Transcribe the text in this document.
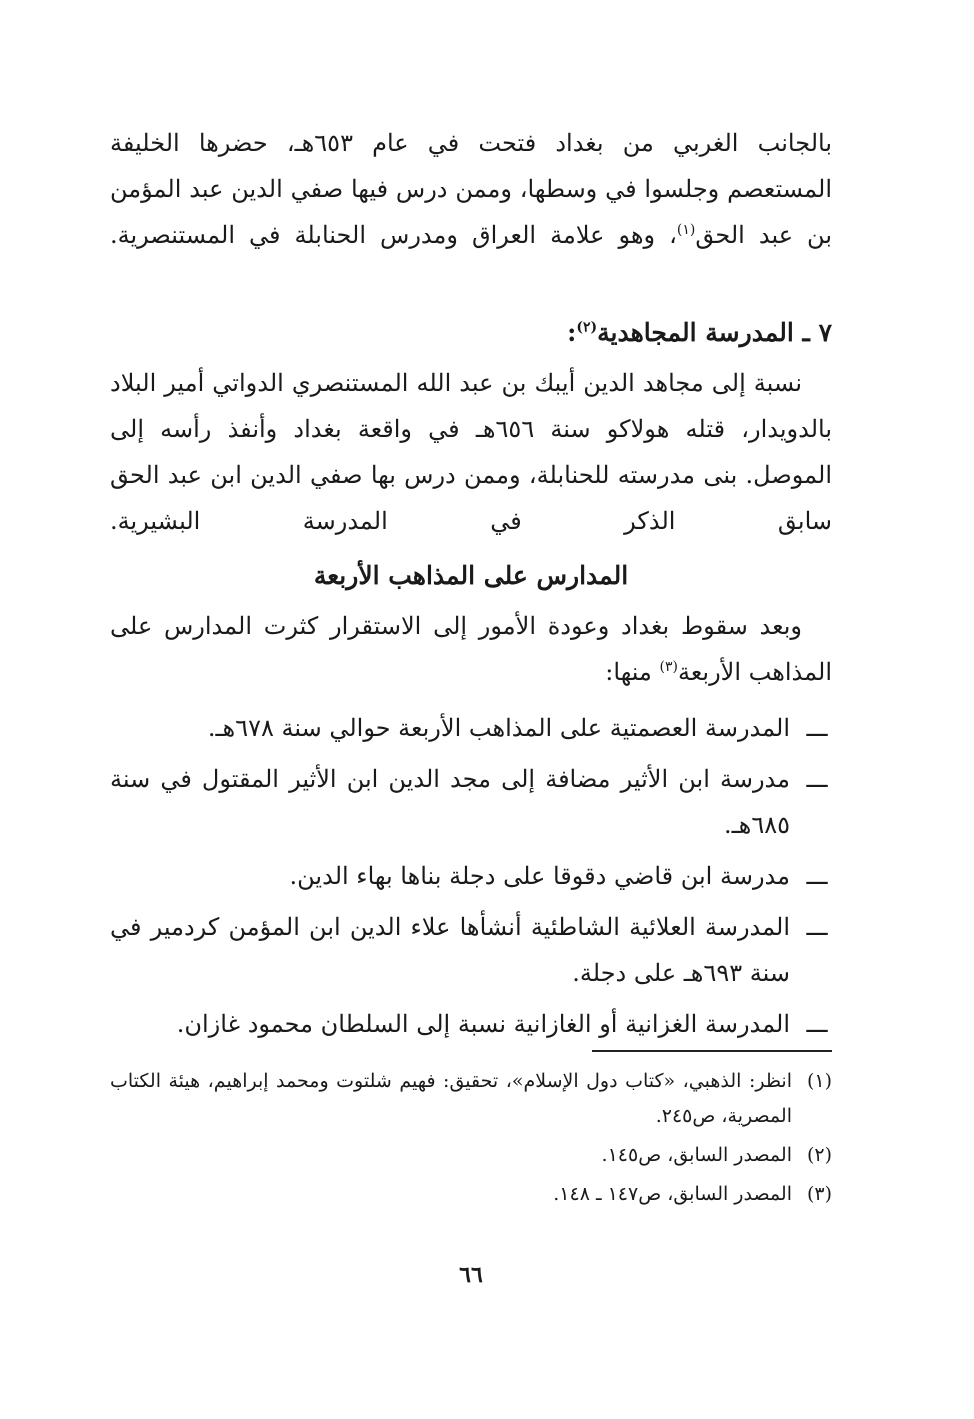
بالجانب الغربي من بغداد فتحت في عام ٦٥٣هـ، حضرها الخليفة المستعصم وجلسوا في وسطها، وممن درس فيها صفي الدين عبد المؤمن بن عبد الحق$^{(١)}$، وهو علامة العراق ومدرس الحنابلة في المستنصرية.

٧ ـ المدرسة المجاهدية$^{(٢)}$:

نسبة إلى مجاهد الدين أيبك بن عبد الله المستنصري الدواتي أمير البلاد بالدويدار، قتله هولاكو سنة ٦٥٦هـ في واقعة بغداد وأنفذ رأسه إلى الموصل. بنى مدرسته للحنابلة، وممن درس بها صفي الدين ابن عبد الحق سابق الذكر في المدرسة البشيرية.

المدارس على المذاهب الأربعة

وبعد سقوط بغداد وعودة الأمور إلى الاستقرار كثرت المدارس على المذاهب الأربعة$^{(٣)}$ منها:

ـــ
المدرسة العصمتية على المذاهب الأربعة حوالي سنة ٦٧٨هـ.
ـــ
مدرسة ابن الأثير مضافة إلى مجد الدين ابن الأثير المقتول في سنة ٦٨٥هـ.
ـــ
مدرسة ابن قاضي دقوقا على دجلة بناها بهاء الدين.
ـــ
المدرسة العلائية الشاطئية أنشأها علاء الدين ابن المؤمن كردمير في سنة ٦٩٣هـ على دجلة.
ـــ
المدرسة الغزانية أو الغازانية نسبة إلى السلطان محمود غازان.
(١)
انظر: الذهبي، «كتاب دول الإسلام»، تحقيق: فهيم شلتوت ومحمد إبراهيم، هيئة الكتاب المصرية، ص٢٤٥.
(٢)
المصدر السابق، ص١٤٥.
(٣)
المصدر السابق، ص١٤٧ ـ ١٤٨.
٦٦
